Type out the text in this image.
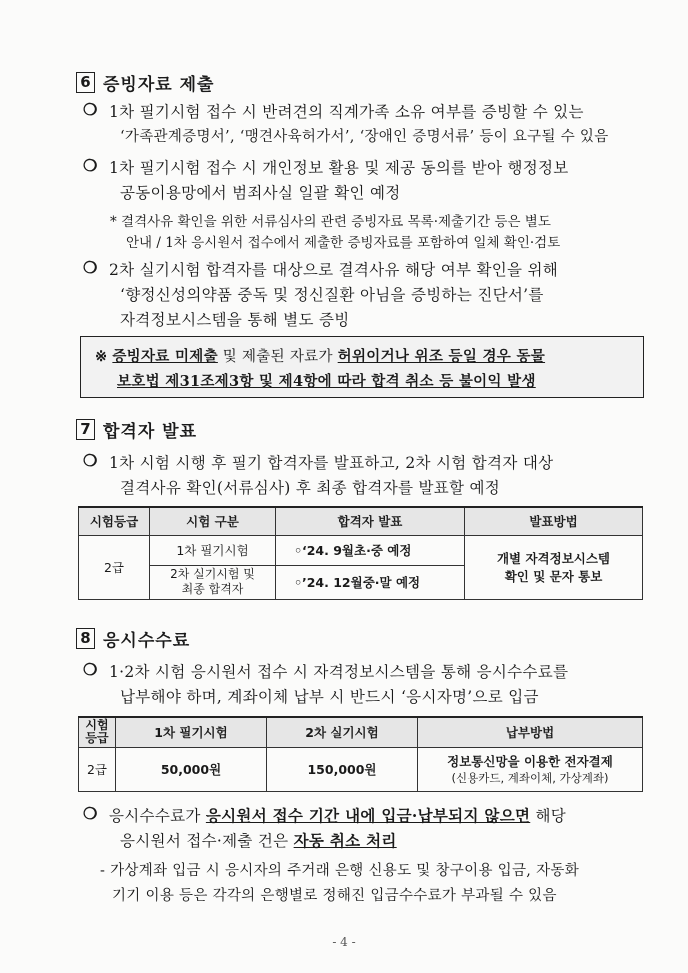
6 증빙자료 제출
❍ 1차 필기시험 접수 시 반려견의 직계가족 소유 여부를 증빙할 수 있는
‘가족관계증명서’, ‘맹견사육허가서’, ‘장애인 증명서류’ 등이 요구될 수 있음
❍ 1차 필기시험 접수 시 개인정보 활용 및 제공 동의를 받아 행정정보
공동이용망에서 범죄사실 일괄 확인 예정
* 결격사유 확인을 위한 서류심사의 관련 증빙자료 목록·제출기간 등은 별도
안내 / 1차 응시원서 접수에서 제출한 증빙자료를 포함하여 일체 확인·검토
❍ 2차 실기시험 합격자를 대상으로 결격사유 해당 여부 확인을 위해
‘향정신성의약품 중독 및 정신질환 아님을 증빙하는 진단서’를
자격정보시스템을 통해 별도 증빙
※ 증빙자료 미제출 및 제출된 자료가 허위이거나 위조 등일 경우 동물
보호법 제31조제3항 및 제4항에 따라 합격 취소 등 불이익 발생
7 합격자 발표
❍ 1차 시험 시행 후 필기 합격자를 발표하고, 2차 시험 합격자 대상
결격사유 확인(서류심사) 후 최종 합격자를 발표할 예정
시험등급	시험 구분	합격자 발표	발표방법
2급	1차 필기시험	◦‘24. 9월초·중 예정	개별 자격정보시스템
확인 및 문자 통보

	2차 실기시험 및
최종 합격자	◦’24. 12월중·말 예정	
8 응시수수료
❍ 1·2차 시험 응시원서 접수 시 자격정보시스템을 통해 응시수수료를
납부해야 하며, 계좌이체 납부 시 반드시 ‘응시자명’으로 입금
시험
등급	1차 필기시험	2차 실기시험	납부방법
2급	50,000원	150,000원	정보통신망을 이용한 전자결제
(신용카드, 계좌이체, 가상계좌)
❍ 응시수수료가 응시원서 접수 기간 내에 입금·납부되지 않으면 해당
응시원서 접수·제출 건은 자동 취소 처리
- 가상계좌 입금 시 응시자의 주거래 은행 신용도 및 창구이용 입금, 자동화
기기 이용 등은 각각의 은행별로 정해진 입금수수료가 부과될 수 있음
- 4 -
